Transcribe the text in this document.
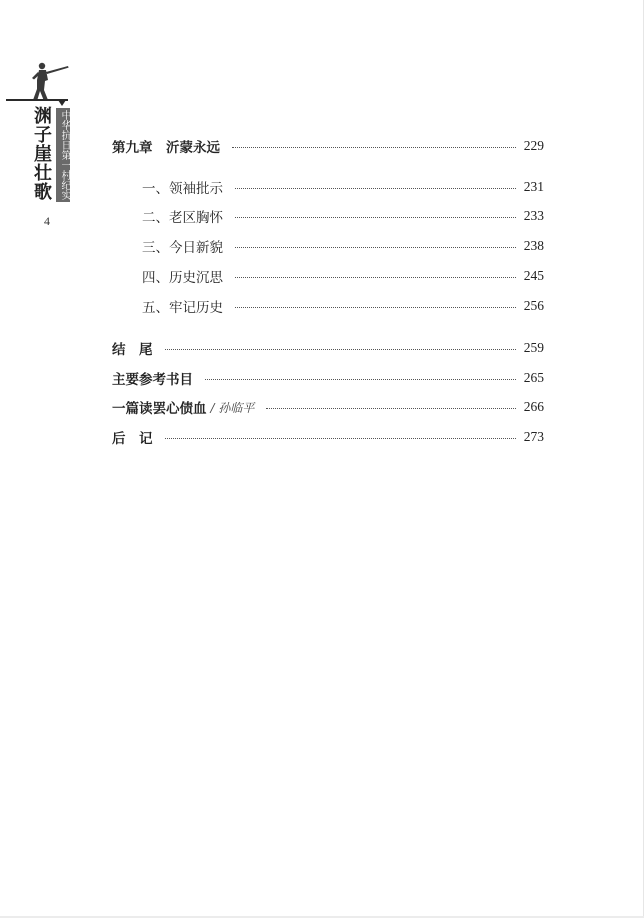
渊子崖壮歌 中华抗日第一村纪实
4
第九章　沂蒙永远	229
一、领袖批示	231
二、老区胸怀	233
三、今日新貌	238
四、历史沉思	245
五、牢记历史	256
结　尾	259
主要参考书目	265
一篇读罢心债血 / 孙临平	266
后　记	273
